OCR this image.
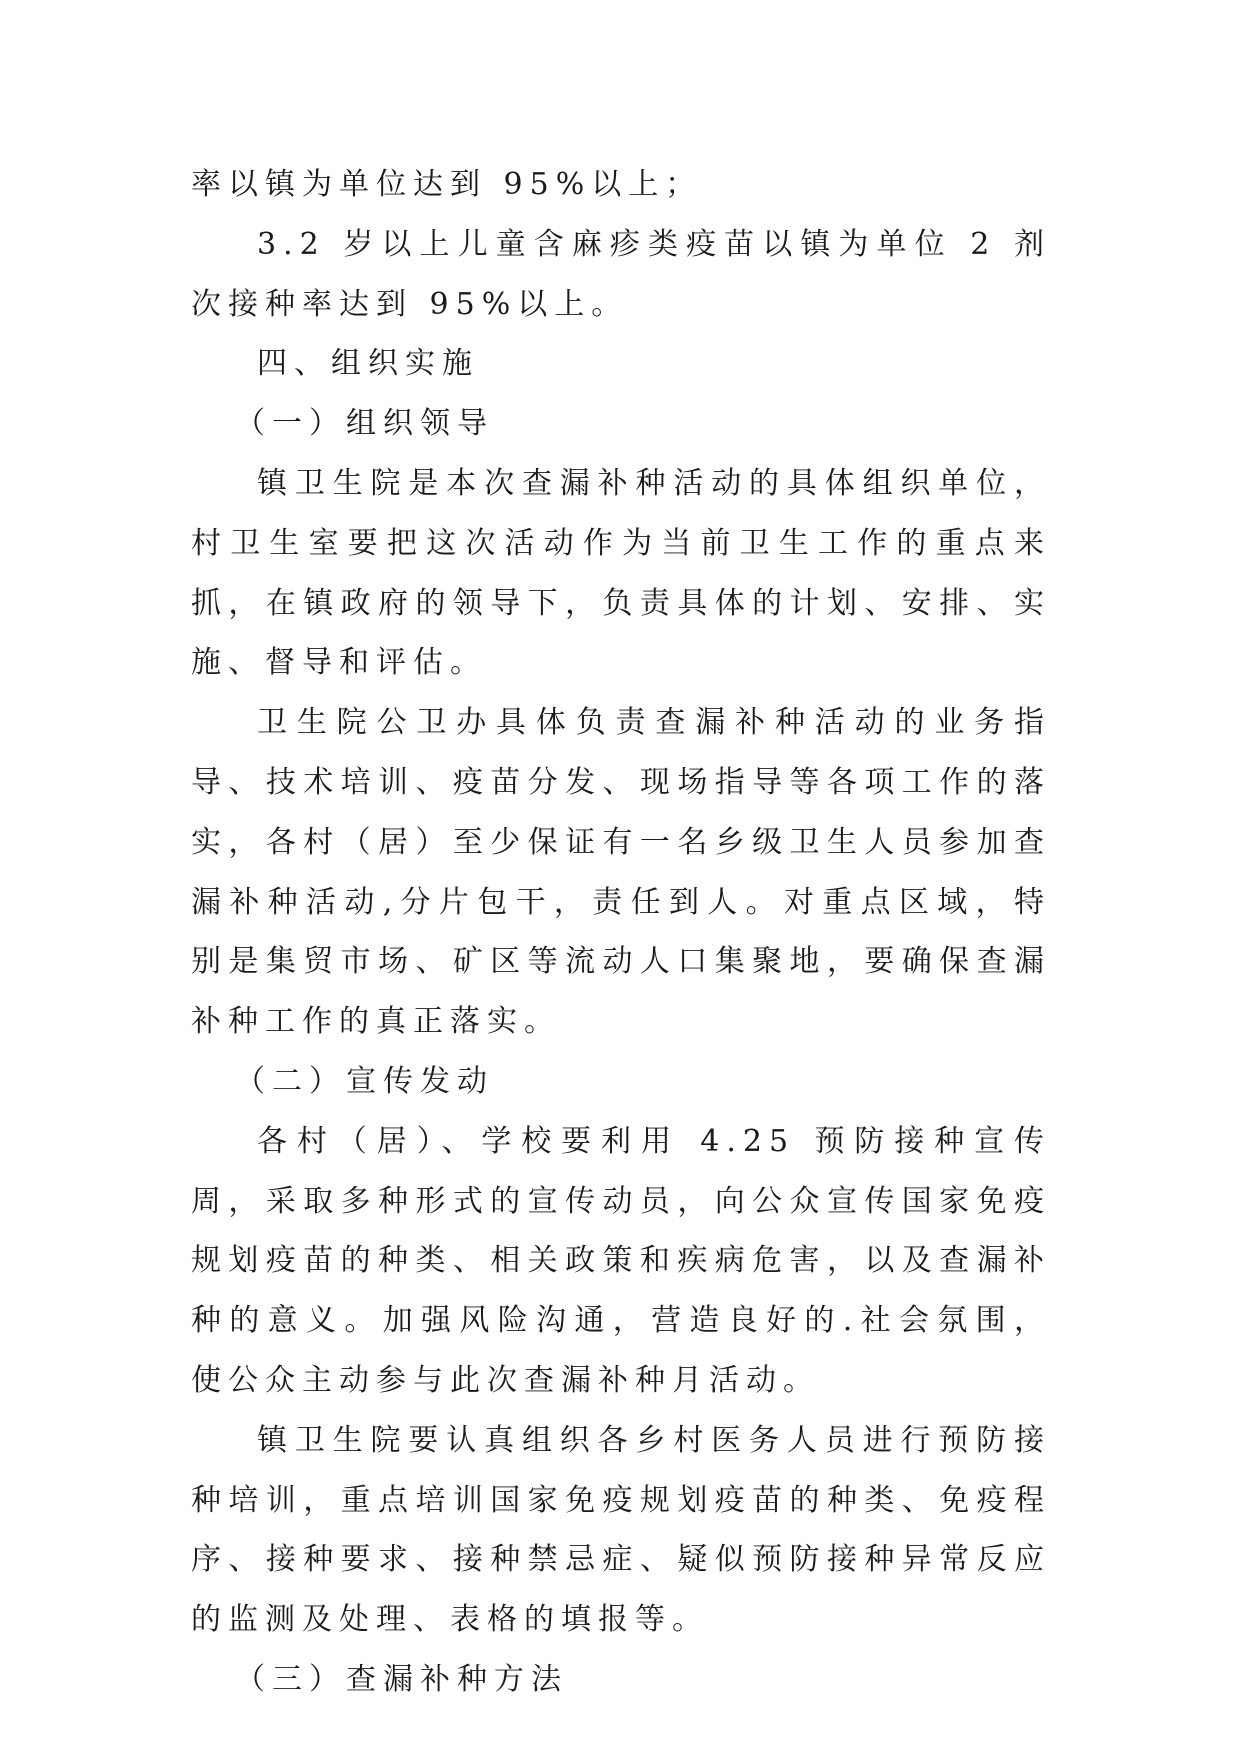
率以镇为单位达到 95%以上；

3.2 岁以上儿童含麻疹类疫苗以镇为单位 2 剂次接种率达到 95%以上。

四、组织实施

（一）组织领导

镇卫生院是本次查漏补种活动的具体组织单位，村卫生室要把这次活动作为当前卫生工作的重点来抓，在镇政府的领导下，负责具体的计划、安排、实施、督导和评估。

卫生院公卫办具体负责查漏补种活动的业务指导、技术培训、疫苗分发、现场指导等各项工作的落实，各村（居）至少保证有一名乡级卫生人员参加查漏补种活动,分片包干，责任到人。对重点区域，特别是集贸市场、矿区等流动人口集聚地，要确保查漏补种工作的真正落实。

（二）宣传发动

各村（居）、学校要利用 4.25 预防接种宣传周，采取多种形式的宣传动员，向公众宣传国家免疫规划疫苗的种类、相关政策和疾病危害，以及查漏补种的意义。加强风险沟通，营造良好的.社会氛围，使公众主动参与此次查漏补种月活动。

镇卫生院要认真组织各乡村医务人员进行预防接种培训，重点培训国家免疫规划疫苗的种类、免疫程序、接种要求、接种禁忌症、疑似预防接种异常反应的监测及处理、表格的填报等。

（三）查漏补种方法
